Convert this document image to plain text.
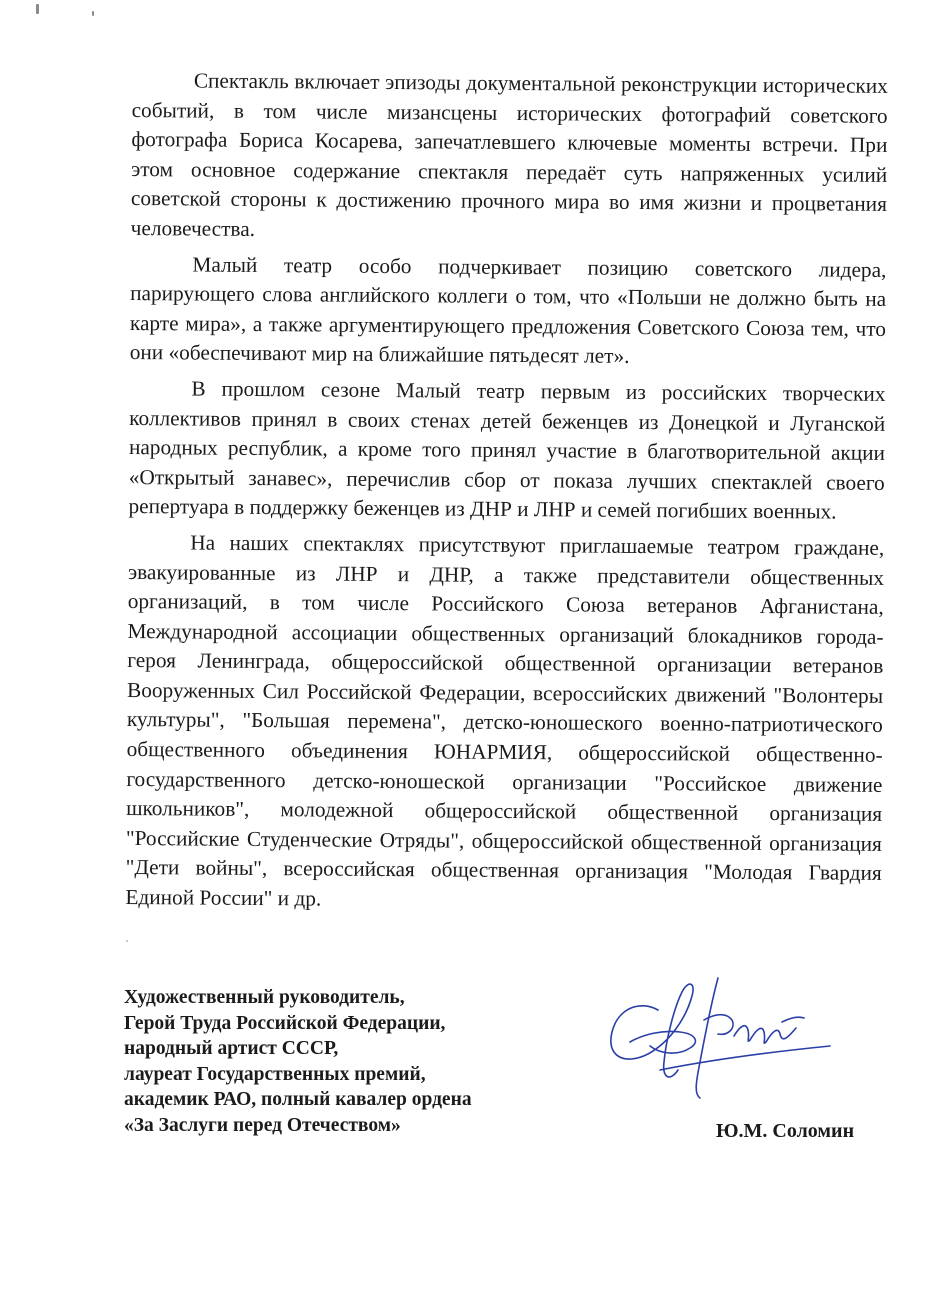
Спектакль включает эпизоды документальной реконструкции исторических событий, в том числе мизансцены исторических фотографий советского фотографа Бориса Косарева, запечатлевшего ключевые моменты встречи. При этом основное содержание спектакля передаёт суть напряженных усилий советской стороны к достижению прочного мира во имя жизни и процветания человечества.

Малый театр особо подчеркивает позицию советского лидера, парирующего слова английского коллеги о том, что «Польши не должно быть на карте мира», а также аргументирующего предложения Советского Союза тем, что они «обеспечивают мир на ближайшие пятьдесят лет».

В прошлом сезоне Малый театр первым из российских творческих коллективов принял в своих стенах детей беженцев из Донецкой и Луганской народных республик, а кроме того принял участие в благотворительной акции «Открытый занавес», перечислив сбор от показа лучших спектаклей своего репертуара в поддержку беженцев из ДНР и ЛНР и семей погибших военных.

На наших спектаклях присутствуют приглашаемые театром граждане, эвакуированные из ЛНР и ДНР, а также представители общественных организаций, в том числе Российского Союза ветеранов Афганистана, Международной ассоциации общественных организаций блокадников города-героя Ленинграда, общероссийской общественной организации ветеранов Вооруженных Сил Российской Федерации, всероссийских движений "Волонтеры культуры", "Большая перемена", детско-юношеского военно-патриотического общественного объединения ЮНАРМИЯ, общероссийской общественно-государственного детско-юношеской организации "Российское движение школьников", молодежной общероссийской общественной организация "Российские Студенческие Отряды", общероссийской общественной организация "Дети войны", всероссийская общественная организация "Молодая Гвардия Единой России" и др.

Художественный руководитель,
Герой Труда Российской Федерации,
народный артист СССР,
лауреат Государственных премий,
академик РАО, полный кавалер ордена
«За Заслуги перед Отечеством»	Ю.М. Соломин
